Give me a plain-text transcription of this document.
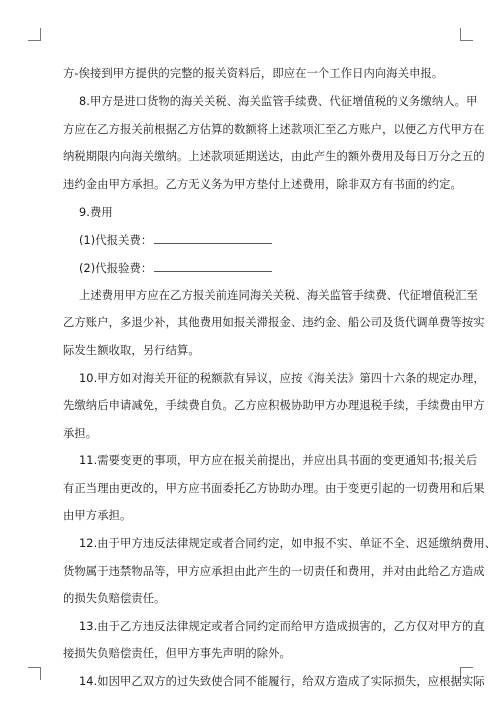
方-俟接到甲方提供的完整的报关资料后，即应在一个工作日内向海关申报。
8.甲方是进口货物的海关关税、海关监管手续费、代征增值税的义务缴纳人。甲
方应在乙方报关前根据乙方估算的数额将上述款项汇至乙方账户，以便乙方代甲方在
纳税期限内向海关缴纳。上述款项延期送达，由此产生的额外费用及每日万分之五的
违约金由甲方承担。乙方无义务为甲方垫付上述费用，除非双方有书面的约定。
9.费用
(1)代报关费：
(2)代报验费：
上述费用甲方应在乙方报关前连同海关关税、海关监管手续费、代征增值税汇至
乙方账户，多退少补，其他费用如报关滞报金、违约金、船公司及货代调单费等按实
际发生额收取，另行结算。
10.甲方如对海关开征的税额款有异议，应按《海关法》第四十六条的规定办理，
先缴纳后申请减免，手续费自负。乙方应积极协助甲方办理退税手续，手续费由甲方
承担。
11.需要变更的事项，甲方应在报关前提出，并应出具书面的变更通知书;报关后
有正当理由更改的，甲方应书面委托乙方协助办理。由于变更引起的一切费用和后果
由甲方承担。
12.由于甲方违反法律规定或者合同约定，如申报不实、单证不全、迟延缴纳费用、
货物属于违禁物品等，甲方应承担由此产生的一切责任和费用，并对由此给乙方造成
的损失负赔偿责任。
13.由于乙方违反法律规定或者合同约定而给甲方造成损害的，乙方仅对甲方的直
接损失负赔偿责任，但甲方事先声明的除外。
14.如因甲乙双方的过失致使合同不能履行，给双方造成了实际损失，应根据实际
